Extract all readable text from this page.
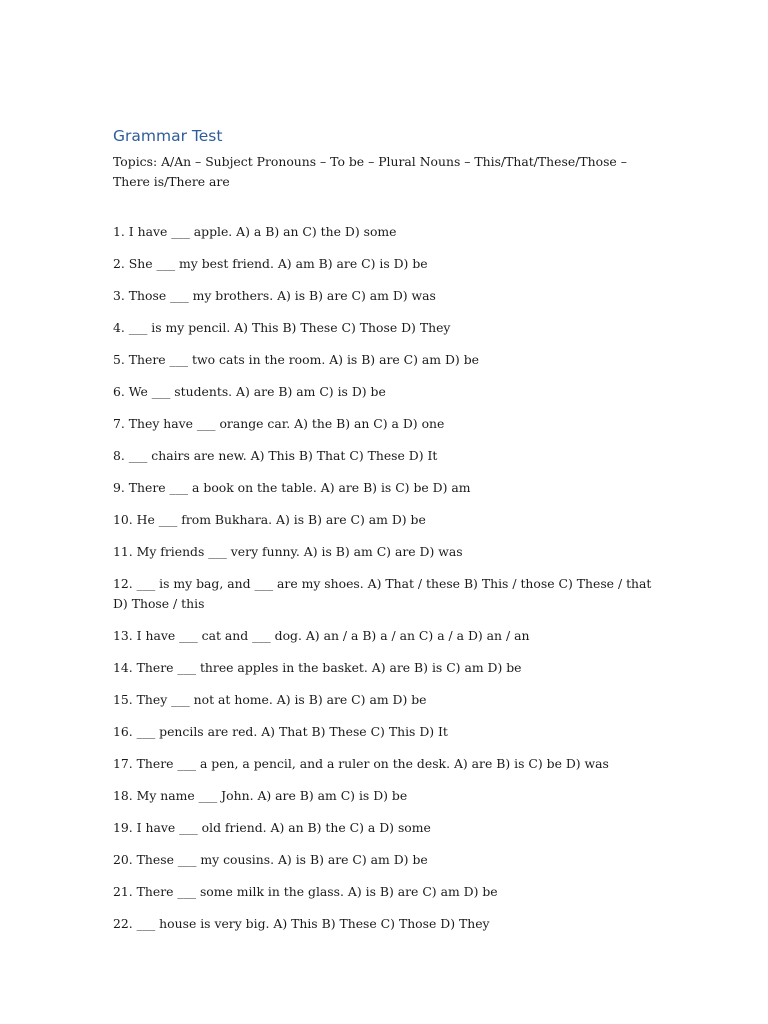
Grammar Test

Topics: A/An – Subject Pronouns – To be – Plural Nouns – This/That/These/Those – There is/There are

1. I have ___ apple. A) a B) an C) the D) some
2. She ___ my best friend. A) am B) are C) is D) be
3. Those ___ my brothers. A) is B) are C) am D) was
4. ___ is my pencil. A) This B) These C) Those D) They
5. There ___ two cats in the room. A) is B) are C) am D) be
6. We ___ students. A) are B) am C) is D) be
7. They have ___ orange car. A) the B) an C) a D) one
8. ___ chairs are new. A) This B) That C) These D) It
9. There ___ a book on the table. A) are B) is C) be D) am
10. He ___ from Bukhara. A) is B) are C) am D) be
11. My friends ___ very funny. A) is B) am C) are D) was
12. ___ is my bag, and ___ are my shoes. A) That / these B) This / those C) These / that D) Those / this
13. I have ___ cat and ___ dog. A) an / a B) a / an C) a / a D) an / an
14. There ___ three apples in the basket. A) are B) is C) am D) be
15. They ___ not at home. A) is B) are C) am D) be
16. ___ pencils are red. A) That B) These C) This D) It
17. There ___ a pen, a pencil, and a ruler on the desk. A) are B) is C) be D) was
18. My name ___ John. A) are B) am C) is D) be
19. I have ___ old friend. A) an B) the C) a D) some
20. These ___ my cousins. A) is B) are C) am D) be
21. There ___ some milk in the glass. A) is B) are C) am D) be
22. ___ house is very big. A) This B) These C) Those D) They
